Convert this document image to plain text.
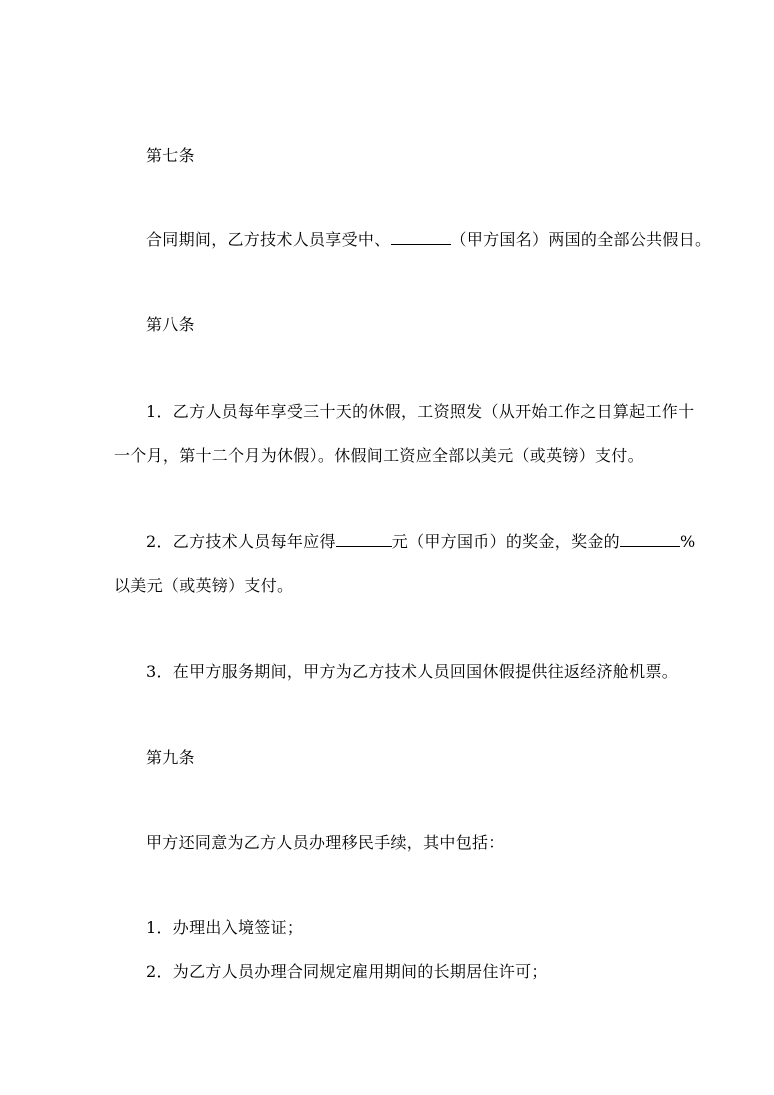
第七条
合同期间，乙方技术人员享受中、	（甲方国名）两国的全部公共假日。
第八条
1．乙方人员每年享受三十天的休假，工资照发（从开始工作之日算起工作十
一个月，第十二个月为休假）。休假间工资应全部以美元（或英镑）支付。
2．乙方技术人员每年应得	元（甲方国币）的奖金，奖金的	%
以美元（或英镑）支付。
3．在甲方服务期间，甲方为乙方技术人员回国休假提供往返经济舱机票。
第九条
甲方还同意为乙方人员办理移民手续，其中包括：
1．办理出入境签证；
2．为乙方人员办理合同规定雇用期间的长期居住许可；
